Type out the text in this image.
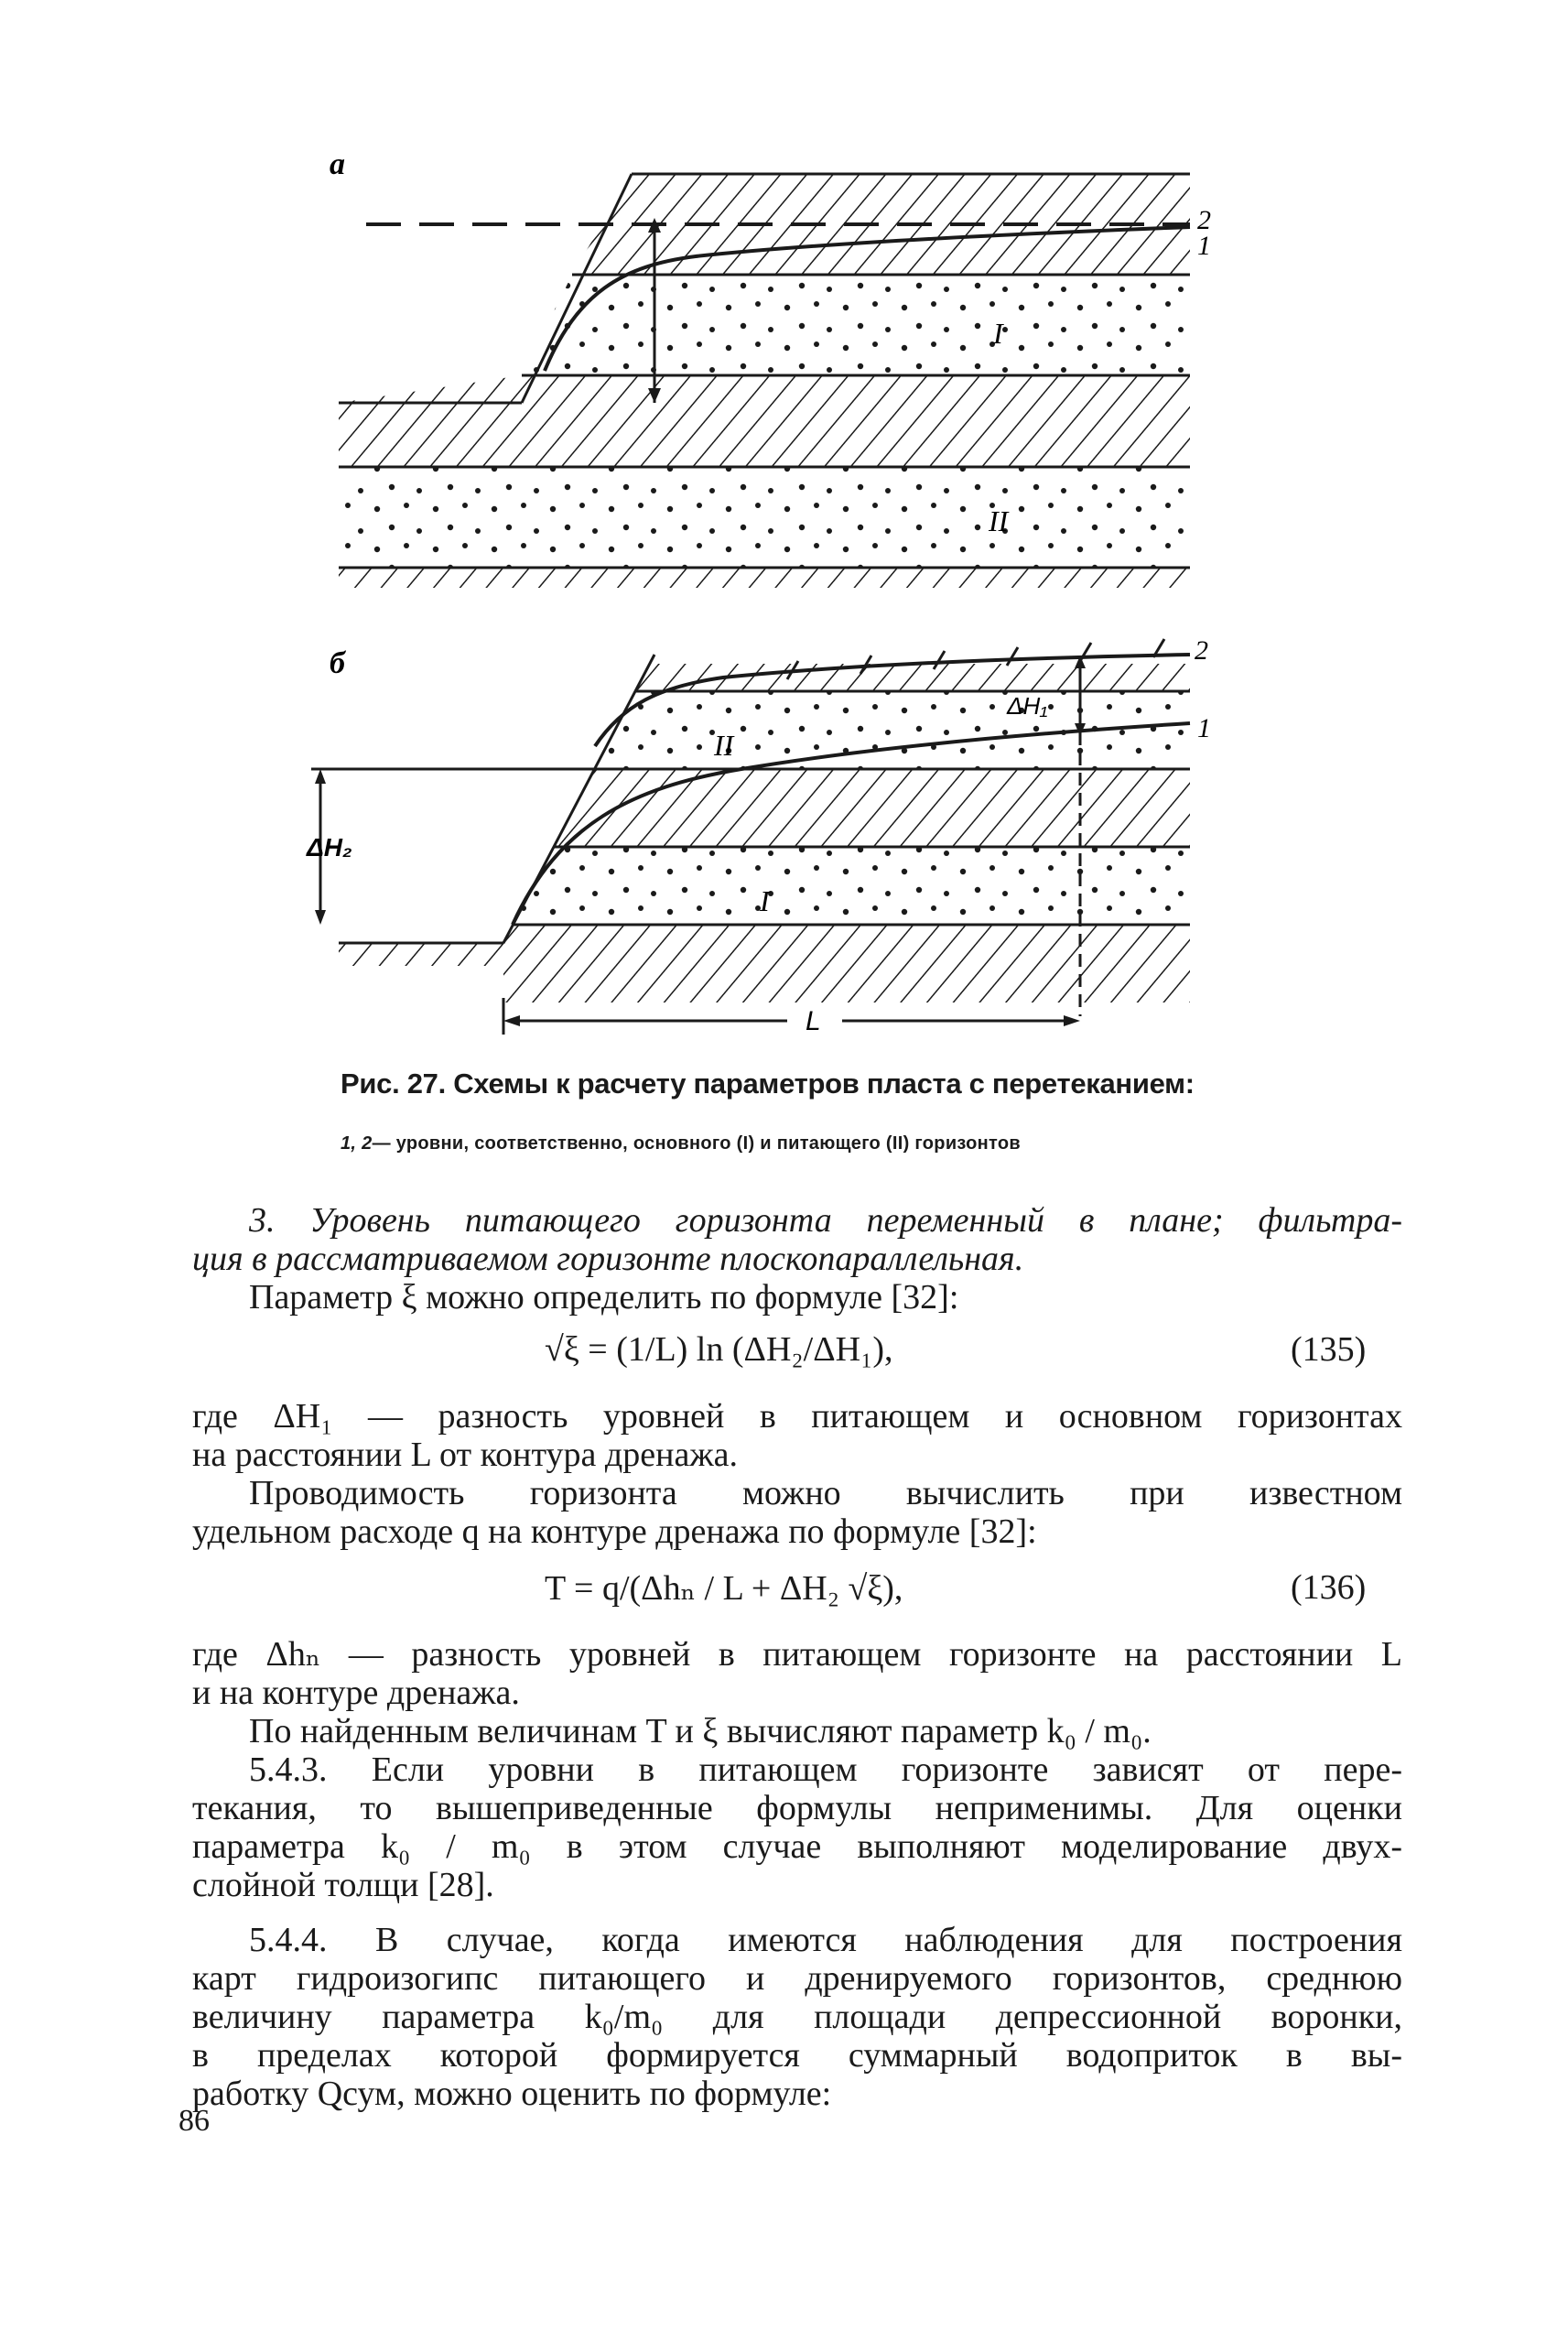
а
2
1
I
II
б	2
1
II
I
ΔH₁
ΔH₂
L
Рис. 27. Схемы к расчету параметров пласта с перетеканием:
1, 2— уровни, соответственно, основного (I) и питающего (II) горизонтов
3. Уровень питающего горизонта переменный в плане; фильтра-
ция в рассматриваемом горизонте плоскопараллельная.
Параметр ξ можно определить по формуле [32]:
√ξ = (1/L) ln (ΔH₂/ΔH₁),	(135)
где ΔH₁ — разность уровней в питающем и основном горизонтах
на расстоянии L от контура дренажа.
Проводимость горизонта можно вычислить при известном
удельном расходе q на контуре дренажа по формуле [32]:
T = q/(Δhₙ / L + ΔH₂ √ξ),	(136)
где Δhₙ — разность уровней в питающем горизонте на расстоянии L
и на контуре дренажа.
По найденным величинам T и ξ вычисляют параметр k₀ / m₀.
5.4.3. Если уровни в питающем горизонте зависят от пере-
текания, то вышеприведенные формулы неприменимы. Для оценки
параметра k₀ / m₀ в этом случае выполняют моделирование двух-
слойной толщи [28].
5.4.4. В случае, когда имеются наблюдения для построения
карт гидроизогипс питающего и дренируемого горизонтов, среднюю
величину параметра k₀/m₀ для площади депрессионной воронки,
в пределах которой формируется суммарный водоприток в вы-
работку Qсум, можно оценить по формуле:
86
